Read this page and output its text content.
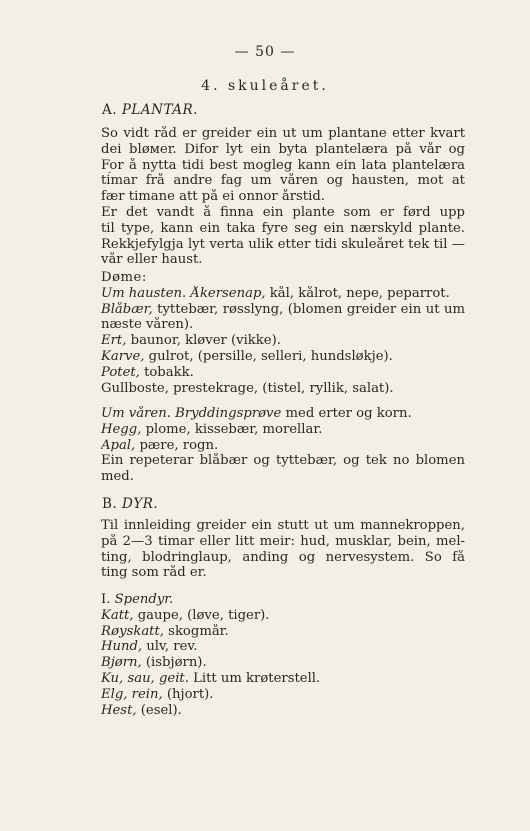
— 50 —
4. skuleåret.
A. PLANTAR.
So vidt råd er greider ein ut um plantane etter kvart
dei bløмer. Difor lyt ein byta plantelæra på vår og
For å nytta tidi best mogleg kann ein lata plantelæra
timar frå andre fag um våren og hausten, mot at
fær timane att på ei onnor årstid.
Er det vandt å finna ein plante som er førd upp
til type, kann ein taka fyre seg ein nærskyld plante.
Rekkjefylgja lyt verta ulik etter tidi skuleåret tek til —
vår eller haust.
Døme:
Um hausten. Åkersenap, kål, kålrot, nepe, peparrot.
Blåbær, tyttebær, røsslyng, (blomen greider ein ut um
næste våren).
Ert, baunor, kløver (vikke).
Karve, gulrot, (persille, selleri, hundsløkje).
Potet, tobakk.
Gullboste, prestekrage, (tistel, ryllik, salat).
Um våren. Bryddingsprøve med erter og korn.
Hegg, plome, kissebær, morellar.
Apal, pære, rogn.
Ein repeterar blåbær og tyttebær, og tek no blomen
med.
B. DYR.
Til innleiding greider ein stutt ut um mannekroppen,
på 2—3 timar eller litt meir: hud, musklar, bein, mel-
ting, blodringlaup, anding og nervesystem. So få
ting som råd er.
I. Spendyr.
Katt, gaupe, (løve, tiger).
Røyskatt, skogmår.
Hund, ulv, rev.
Bjørn, (isbjørn).
Ku, sau, geit. Litt um krøterstell.
Elg, rein, (hjort).
Hest, (esel).
